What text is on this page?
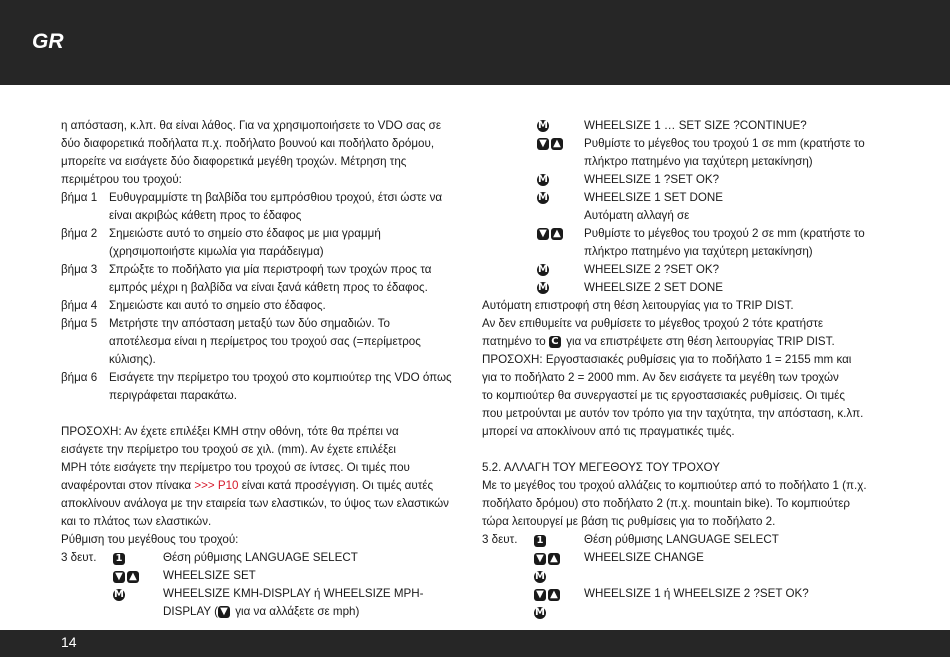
GR
η απόσταση, κ.λπ. θα είναι λάθος. Για να χρησιμοποιήσετε το VDO σας σε
δύο διαφορετικά ποδήλατα π.χ. ποδήλατο βουνού και ποδήλατο δρόμου,
μπορείτε να εισάγετε δύο διαφορετικά μεγέθη τροχών. Μέτρηση της
περιμέτρου του τροχού:
βήμα 1	Ευθυγραμμίστε τη βαλβίδα του εμπρόσθιου τροχού, έτσι ώστε να
είναι ακριβώς κάθετη προς το έδαφος
βήμα 2	Σημειώστε αυτό το σημείο στο έδαφος με μια γραμμή
(χρησιμοποιήστε κιμωλία για παράδειγμα)
βήμα 3	Σπρώξτε το ποδήλατο για μία περιστροφή των τροχών προς τα
εμπρός μέχρι η βαλβίδα να είναι ξανά κάθετη προς το έδαφος.
βήμα 4	Σημειώστε και αυτό το σημείο στο έδαφος.
βήμα 5	Μετρήστε την απόσταση μεταξύ των δύο σημαδιών. Το
αποτέλεσμα είναι η περίμετρος του τροχού σας (=περίμετρος
κύλισης).
βήμα 6	Εισάγετε την περίμετρο του τροχού στο κομπιούτερ της VDO όπως
περιγράφεται παρακάτω.
ΠΡΟΣΟΧΗ: Αν έχετε επιλέξει ΚΜΗ στην οθόνη, τότε θα πρέπει να
εισάγετε την περίμετρο του τροχού σε χιλ. (mm). Αν έχετε επιλέξει
ΜΡΗ τότε εισάγετε την περίμετρο του τροχού σε ίντσες. Οι τιμές που
αναφέρονται στον πίνακα >>> P10 είναι κατά προσέγγιση. Οι τιμές αυτές
αποκλίνουν ανάλογα με την εταιρεία των ελαστικών, το ύψος των ελαστικών
και το πλάτος των ελαστικών.
Ρύθμιση του μεγέθους του τροχού:
3 δευτ.	1	Θέση ρύθμισης LANGUAGE SELECT
▼ ▲	WHEELSIZE SET
M	WHEELSIZE KMH-DISPLAY ή WHEELSIZE MPH-
DISPLAY ( ▼ για να αλλάξετε σε mph)
M	WHEELSIZE 1 … SET SIZE ?CONTINUE?
▼ ▲	Ρυθμίστε το μέγεθος του τροχού 1 σε mm (κρατήστε το
πλήκτρο πατημένο για ταχύτερη μετακίνηση)
M	WHEELSIZE 1 ?SET OK?
M	WHEELSIZE 1 SET DONE
Αυτόματη αλλαγή σε
▼ ▲	Ρυθμίστε το μέγεθος του τροχού 2 σε mm (κρατήστε το
πλήκτρο πατημένο για ταχύτερη μετακίνηση)
M	WHEELSIZE 2 ?SET OK?
M	WHEELSIZE 2 SET DONE
Αυτόματη επιστροφή στη θέση λειτουργίας για το TRIP DIST.
Αν δεν επιθυμείτε να ρυθμίσετε το μέγεθος τροχού 2 τότε κρατήστε
πατημένο το C για να επιστρέψετε στη θέση λειτουργίας TRIP DIST.
ΠΡΟΣΟΧΗ: Εργοστασιακές ρυθμίσεις για το ποδήλατο 1 = 2155 mm και
για το ποδήλατο 2 = 2000 mm. Αν δεν εισάγετε τα μεγέθη των τροχών
το κομπιούτερ θα συνεργαστεί με τις εργοστασιακές ρυθμίσεις. Οι τιμές
που μετρούνται με αυτόν τον τρόπο για την ταχύτητα, την απόσταση, κ.λπ.
μπορεί να αποκλίνουν από τις πραγματικές τιμές.
5.2. ΑΛΛΑΓΗ ΤΟΥ ΜΕΓΕΘΟΥΣ ΤΟΥ ΤΡΟΧΟΥ
Με το μεγέθος του τροχού αλλάζεις το κομπιούτερ από το ποδήλατο 1 (π.χ.
ποδήλατο δρόμου) στο ποδήλατο 2 (π.χ. mountain bike). Το κομπιούτερ
τώρα λειτουργεί με βάση τις ρυθμίσεις για το ποδήλατο 2.
3 δευτ.	1	Θέση ρύθμισης LANGUAGE SELECT
▼ ▲	WHEELSIZE CHANGE
M
▼ ▲	WHEELSIZE 1 ή WHEELSIZE 2 ?SET OK?
M
14
